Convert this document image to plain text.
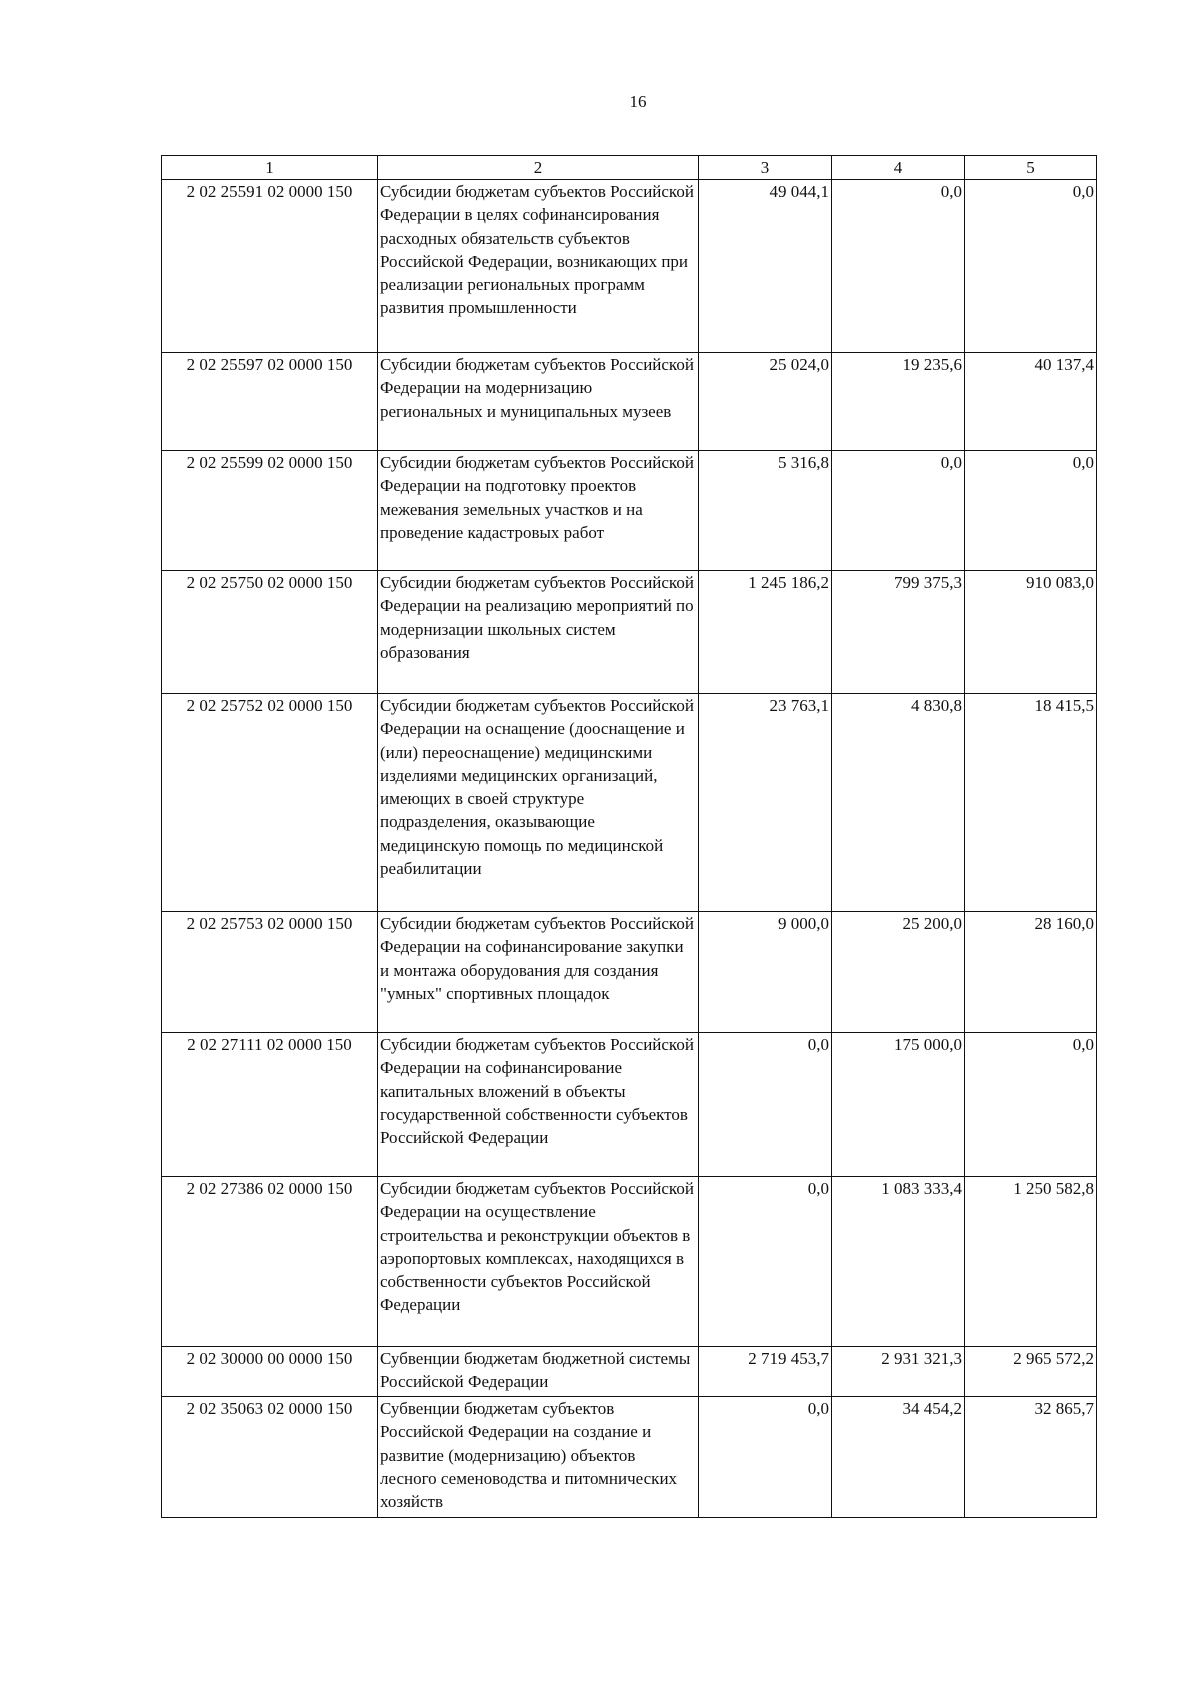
16
1	2	3	4	5
2 02 25591 02 0000 150	Субсидии бюджетам субъектов Российской Федерации в целях софинансирования расходных обязательств субъектов Российской Федерации, возникающих при реализации региональных программ развития промышленности	49 044,1	0,0	0,0
2 02 25597 02 0000 150	Субсидии бюджетам субъектов Российской Федерации на модернизацию региональных и муниципальных музеев	25 024,0	19 235,6	40 137,4
2 02 25599 02 0000 150	Субсидии бюджетам субъектов Российской Федерации на подготовку проектов межевания земельных участков и на проведение кадастровых работ	5 316,8	0,0	0,0
2 02 25750 02 0000 150	Субсидии бюджетам субъектов Российской Федерации на реализацию мероприятий по модернизации школьных систем образования	1 245 186,2	799 375,3	910 083,0
2 02 25752 02 0000 150	Субсидии бюджетам субъектов Российской Федерации на оснащение (дооснащение и (или) переоснащение) медицинскими изделиями медицинских организаций, имеющих в своей структуре подразделения, оказывающие медицинскую помощь по медицинской реабилитации	23 763,1	4 830,8	18 415,5
2 02 25753 02 0000 150	Субсидии бюджетам субъектов Российской Федерации на софинансирование закупки и монтажа оборудования для создания "умных" спортивных площадок	9 000,0	25 200,0	28 160,0
2 02 27111 02 0000 150	Субсидии бюджетам субъектов Российской Федерации на софинансирование капитальных вложений в объекты государственной собственности субъектов Российской Федерации	0,0	175 000,0	0,0
2 02 27386 02 0000 150	Субсидии бюджетам субъектов Российской Федерации на осуществление строительства и реконструкции объектов в аэропортовых комплексах, находящихся в собственности субъектов Российской Федерации	0,0	1 083 333,4	1 250 582,8
2 02 30000 00 0000 150	Субвенции бюджетам бюджетной системы Российской Федерации	2 719 453,7	2 931 321,3	2 965 572,2
2 02 35063 02 0000 150	Субвенции бюджетам субъектов Российской Федерации на создание и развитие (модернизацию) объектов лесного семеноводства и питомнических хозяйств	0,0	34 454,2	32 865,7
